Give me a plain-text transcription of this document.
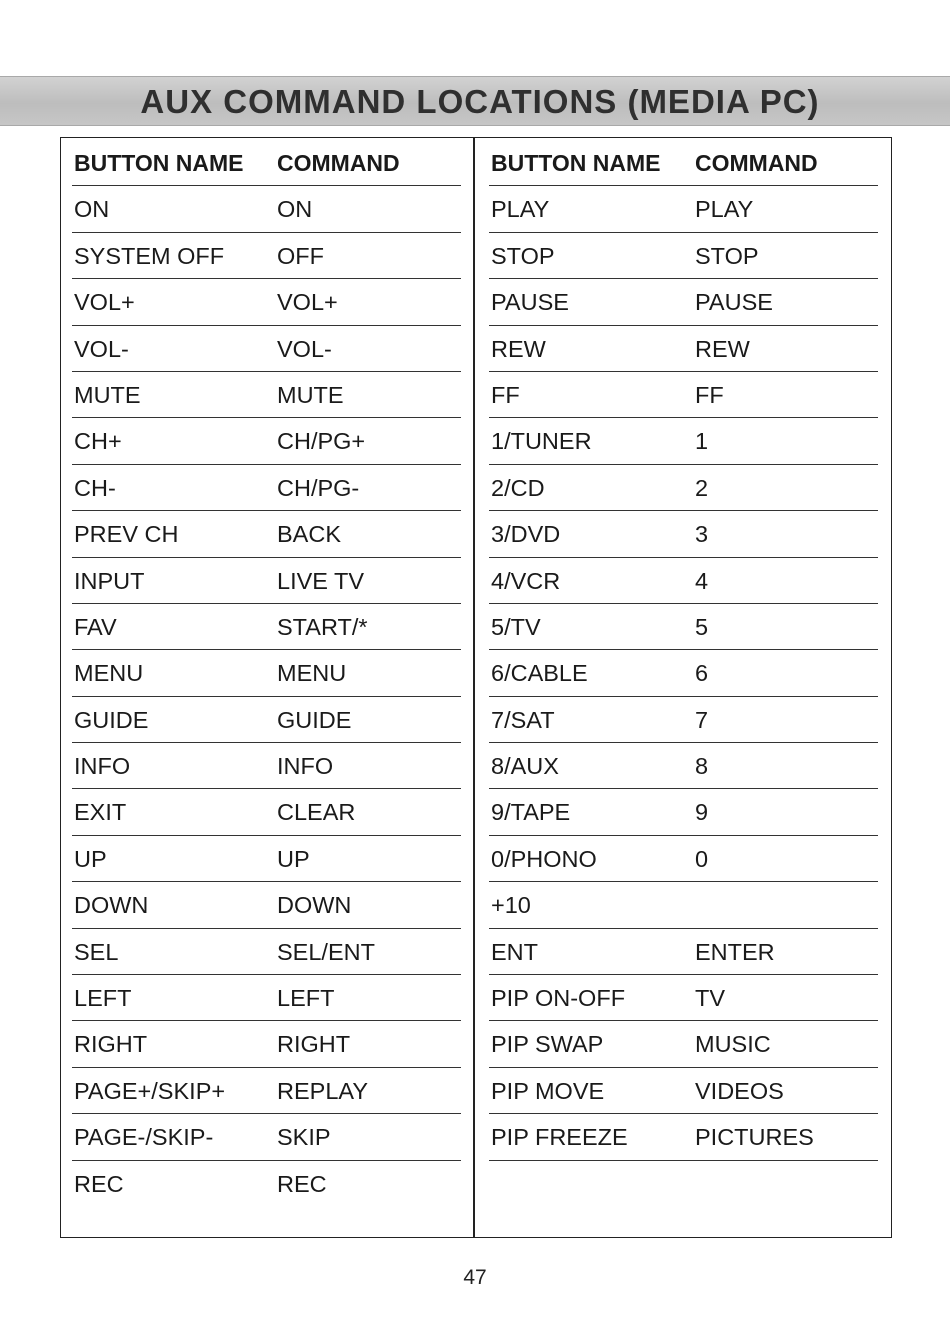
AUX COMMAND LOCATIONS (MEDIA PC)
BUTTON NAME COMMAND
ON	ON
SYSTEM OFF OFF
VOL+	VOL+
VOL-	VOL-
MUTE	MUTE
CH+	CH/PG+
CH-	CH/PG-
PREV CH	BACK
INPUT	LIVE TV
FAV	START/*
MENU	MENU
GUIDE	GUIDE
INFO	INFO
EXIT	CLEAR
UP	UP
DOWN	DOWN
SEL	SEL/ENT
LEFT	LEFT
RIGHT	RIGHT
PAGE+/SKIP+ REPLAY
PAGE-/SKIP-	SKIP
REC	REC
BUTTON NAME COMMAND
PLAY	PLAY
STOP	STOP
PAUSE	PAUSE
REW	REW
FF	FF
1/TUNER	1
2/CD	2
3/DVD	3
4/VCR	4
5/TV	5
6/CABLE	6
7/SAT	7
8/AUX	8
9/TAPE	9
0/PHONO	0
+10
ENT	ENTER
PIP ON-OFF	TV
PIP SWAP	MUSIC
PIP MOVE	VIDEOS
PIP FREEZE	PICTURES
47
